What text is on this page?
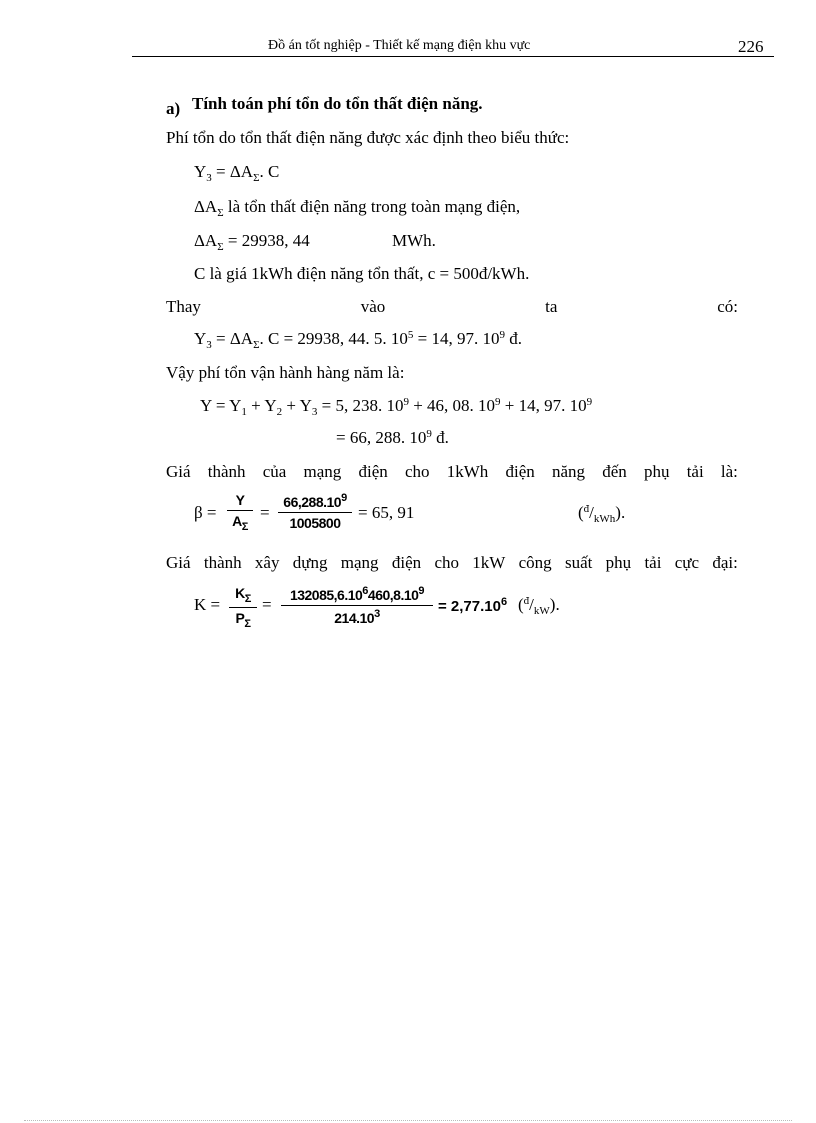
Đồ án tốt nghiệp - Thiết kế mạng điện khu vực	226
a) Tính toán phí tổn do tổn thất điện năng.
Phí tổn do tổn thất điện năng được xác định theo biểu thức:
$Y_3 = \Delta A_\Sigma$. C
$\Delta A_\Sigma$ là tổn thất điện năng trong toàn mạng điện,
$\Delta A_\Sigma = 29938$, 44	MWh.
C là giá 1kWh điện năng tổn thất, c = 500đ/kWh.
Thay	vào	ta	có:
$Y_3 = \Delta A_\Sigma$. C = 29938, 44. 5. $10^5 = 14$, 97. $10^9$ đ.
Vậy phí tổn vận hành hàng năm là:
$Y = Y_1 + Y_2 + Y_3 = 5$, 238. $10^9 + 46$, 08. $10^9 + 14$, 97. $10^9$
= 66, 288. $10^9$ đ.
Giá thành của mạng điện cho 1kWh điện năng đến phụ tải là:
β =
Y
$A_\Sigma$
=
$66,288.10^9$
1005800
= 65, 91	$(^đ/_{kWh})$.
Giá thành xây dựng mạng điện cho 1kW công suất phụ tải cực đại:
K =
$K_\Sigma$
$P_\Sigma$
=	$132085,6.10^6460,8.10^9$
$214.10^3$	= $2,77.10^6$ $(^đ/_{kW})$.
